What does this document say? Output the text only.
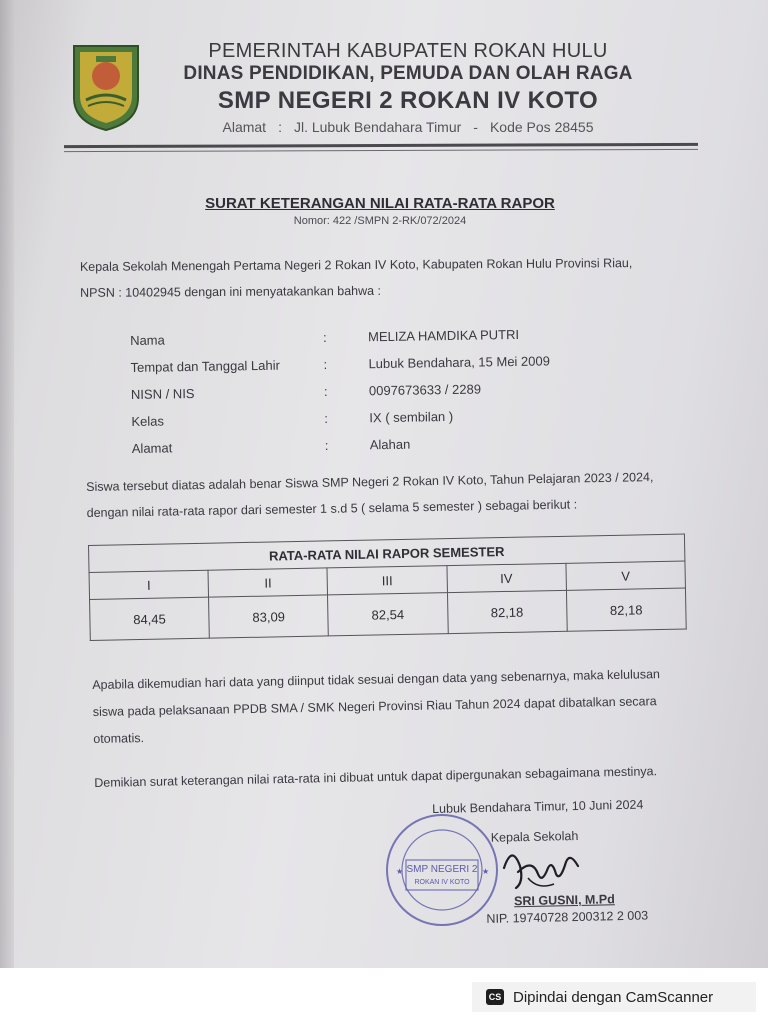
PEMERINTAH KABUPATEN ROKAN HULU
DINAS PENDIDIKAN, PEMUDA DAN OLAH RAGA
SMP NEGERI 2 ROKAN IV KOTO
Alamat : Jl. Lubuk Bendahara Timur - Kode Pos 28455
SURAT KETERANGAN NILAI RATA-RATA RAPOR
Nomor: 422 /SMPN 2-RK/072/2024
Kepala Sekolah Menengah Pertama Negeri 2 Rokan IV Koto, Kabupaten Rokan Hulu Provinsi Riau,
NPSN : 10402945 dengan ini menyatakankan bahwa :
Nama	:	MELIZA HAMDIKA PUTRI
Tempat dan Tanggal Lahir	:	Lubuk Bendahara, 15 Mei 2009
NISN / NIS	:	0097673633 / 2289
Kelas	:	IX ( sembilan )
Alamat	:	Alahan
Siswa tersebut diatas adalah benar Siswa SMP Negeri 2 Rokan IV Koto, Tahun Pelajaran 2023 / 2024,
dengan nilai rata-rata rapor dari semester 1 s.d 5 ( selama 5 semester ) sebagai berikut :
RATA-RATA NILAI RAPOR SEMESTER				
I	II	III	IV	V
84,45	83,09	82,54	82,18	82,18
Apabila dikemudian hari data yang diinput tidak sesuai dengan data yang sebenarnya, maka kelulusan
siswa pada pelaksanaan PPDB SMA / SMK Negeri Provinsi Riau Tahun 2024 dapat dibatalkan secara
otomatis.
Demikian surat keterangan nilai rata-rata ini dibuat untuk dapat dipergunakan sebagaimana mestinya.
SMP NEGERI 2
ROKAN IV KOTO
★	★
Lubuk Bendahara Timur, 10 Juni 2024
Kepala Sekolah
SRI GUSNI, M.Pd
NIP. 19740728 200312 2 003
CS Dipindai dengan CamScanner
